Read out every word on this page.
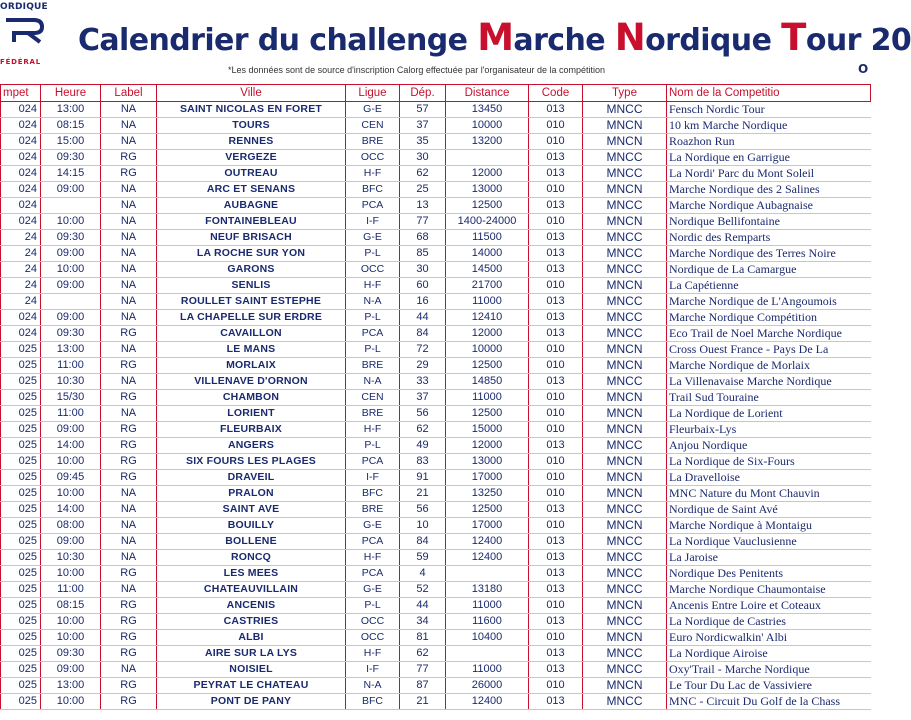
ORDIQUE
FÉDÉRAL
Calendrier du challenge Marche Nordique Tour 20
*Les données sont de source d'inscription Calorg effectuée par l'organisateur de la compétition	O
mpet	Heure	Label	Ville	Ligue	Dép.	Distance	Code	Type	Nom de la Competitio
024	13:00	NA	SAINT NICOLAS EN FORET	G-E	57	13450	013	MNCC	Fensch Nordic Tour
024	08:15	NA	TOURS	CEN	37	10000	010	MNCN	10 km Marche Nordique
024	15:00	NA	RENNES	BRE	35	13200	010	MNCN	Roazhon Run
024	09:30	RG	VERGEZE	OCC	30		013	MNCC	La Nordique en Garrigue
024	14:15	RG	OUTREAU	H-F	62	12000	013	MNCC	La Nordi' Parc du Mont Soleil
024	09:00	NA	ARC ET SENANS	BFC	25	13000	010	MNCN	Marche Nordique des 2 Salines
024		NA	AUBAGNE	PCA	13	12500	013	MNCC	Marche Nordique Aubagnaise
024	10:00	NA	FONTAINEBLEAU	I-F	77	1400-24000	010	MNCN	Nordique Bellifontaine
24	09:30	NA	NEUF BRISACH	G-E	68	11500	013	MNCC	Nordic des Remparts
24	09:00	NA	LA ROCHE SUR YON	P-L	85	14000	013	MNCC	Marche Nordique des Terres Noire
24	10:00	NA	GARONS	OCC	30	14500	013	MNCC	Nordique de La Camargue
24	09:00	NA	SENLIS	H-F	60	21700	010	MNCN	La Capétienne
24		NA	ROULLET SAINT ESTEPHE	N-A	16	11000	013	MNCC	Marche Nordique de L'Angoumois
024	09:00	NA	LA CHAPELLE SUR ERDRE	P-L	44	12410	013	MNCC	Marche Nordique Compétition
024	09:30	RG	CAVAILLON	PCA	84	12000	013	MNCC	Eco Trail de Noel Marche Nordique
025	13:00	NA	LE MANS	P-L	72	10000	010	MNCN	Cross Ouest France - Pays De La
025	11:00	RG	MORLAIX	BRE	29	12500	010	MNCN	Marche Nordique de Morlaix
025	10:30	NA	VILLENAVE D'ORNON	N-A	33	14850	013	MNCC	La Villenavaise Marche Nordique
025	15/30	RG	CHAMBON	CEN	37	11000	010	MNCN	Trail Sud Touraine
025	11:00	NA	LORIENT	BRE	56	12500	010	MNCN	La Nordique de Lorient
025	09:00	RG	FLEURBAIX	H-F	62	15000	010	MNCN	Fleurbaix-Lys
025	14:00	RG	ANGERS	P-L	49	12000	013	MNCC	Anjou Nordique
025	10:00	RG	SIX FOURS LES PLAGES	PCA	83	13000	010	MNCN	La Nordique de Six-Fours
025	09:45	RG	DRAVEIL	I-F	91	17000	010	MNCN	La Dravelloise
025	10:00	NA	PRALON	BFC	21	13250	010	MNCN	MNC Nature du Mont Chauvin
025	14:00	NA	SAINT AVE	BRE	56	12500	013	MNCC	Nordique de Saint Avé
025	08:00	NA	BOUILLY	G-E	10	17000	010	MNCN	Marche Nordique à Montaigu
025	09:00	NA	BOLLENE	PCA	84	12400	013	MNCC	La Nordique Vauclusienne
025	10:30	NA	RONCQ	H-F	59	12400	013	MNCC	La Jaroise
025	10:00	RG	LES MEES	PCA	4		013	MNCC	Nordique Des Penitents
025	11:00	NA	CHATEAUVILLAIN	G-E	52	13180	013	MNCC	Marche Nordique Chaumontaise
025	08:15	RG	ANCENIS	P-L	44	11000	010	MNCN	Ancenis Entre Loire et Coteaux
025	10:00	RG	CASTRIES	OCC	34	11600	013	MNCC	La Nordique de Castries
025	10:00	RG	ALBI	OCC	81	10400	010	MNCN	Euro Nordicwalkin' Albi
025	09:30	RG	AIRE SUR LA LYS	H-F	62		013	MNCC	La Nordique Airoise
025	09:00	NA	NOISIEL	I-F	77	11000	013	MNCC	Oxy'Trail - Marche Nordique
025	13:00	RG	PEYRAT LE CHATEAU	N-A	87	26000	010	MNCN	Le Tour Du Lac de Vassiviere
025	10:00	RG	PONT DE PANY	BFC	21	12400	013	MNCC	MNC - Circuit Du Golf de la Chass
